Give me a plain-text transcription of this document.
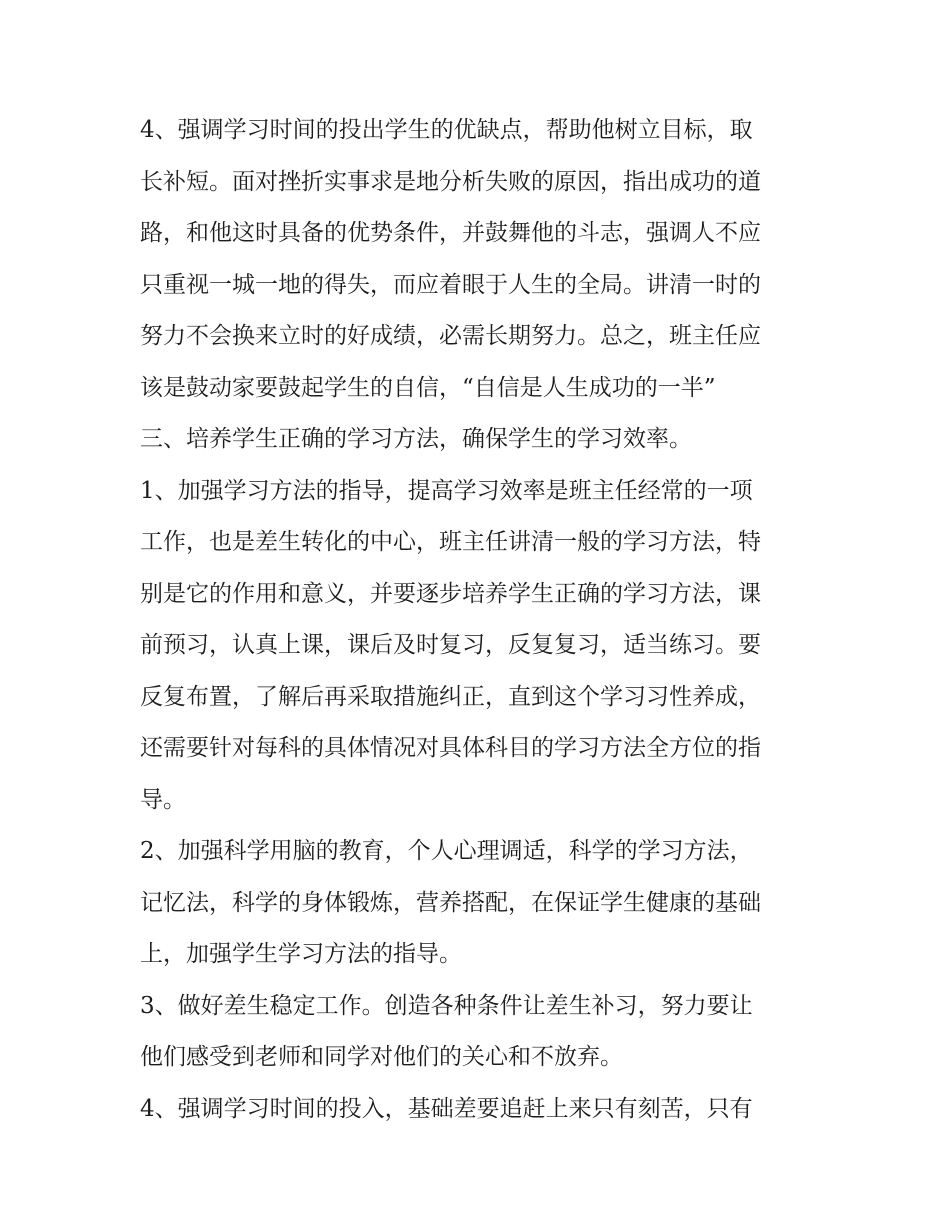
4、强调学习时间的投出学生的优缺点，帮助他树立目标，取
长补短。面对挫折实事求是地分析失败的原因，指出成功的道
路，和他这时具备的优势条件，并鼓舞他的斗志，强调人不应
只重视一城一地的得失，而应着眼于人生的全局。讲清一时的
努力不会换来立时的好成绩，必需长期努力。总之，班主任应
该是鼓动家要鼓起学生的自信，“自信是人生成功的一半”

三、培养学生正确的学习方法，确保学生的学习效率。

1、加强学习方法的指导，提高学习效率是班主任经常的一项
工作，也是差生转化的中心，班主任讲清一般的学习方法，特
别是它的作用和意义，并要逐步培养学生正确的学习方法，课
前预习，认真上课，课后及时复习，反复复习，适当练习。要
反复布置，了解后再采取措施纠正，直到这个学习习性养成，
还需要针对每科的具体情况对具体科目的学习方法全方位的指
导。

2、加强科学用脑的教育，个人心理调适，科学的学习方法，
记忆法，科学的身体锻炼，营养搭配，在保证学生健康的基础
上，加强学生学习方法的指导。

3、做好差生稳定工作。创造各种条件让差生补习，努力要让
他们感受到老师和同学对他们的关心和不放弃。

4、强调学习时间的投入，基础差要追赶上来只有刻苦，只有
